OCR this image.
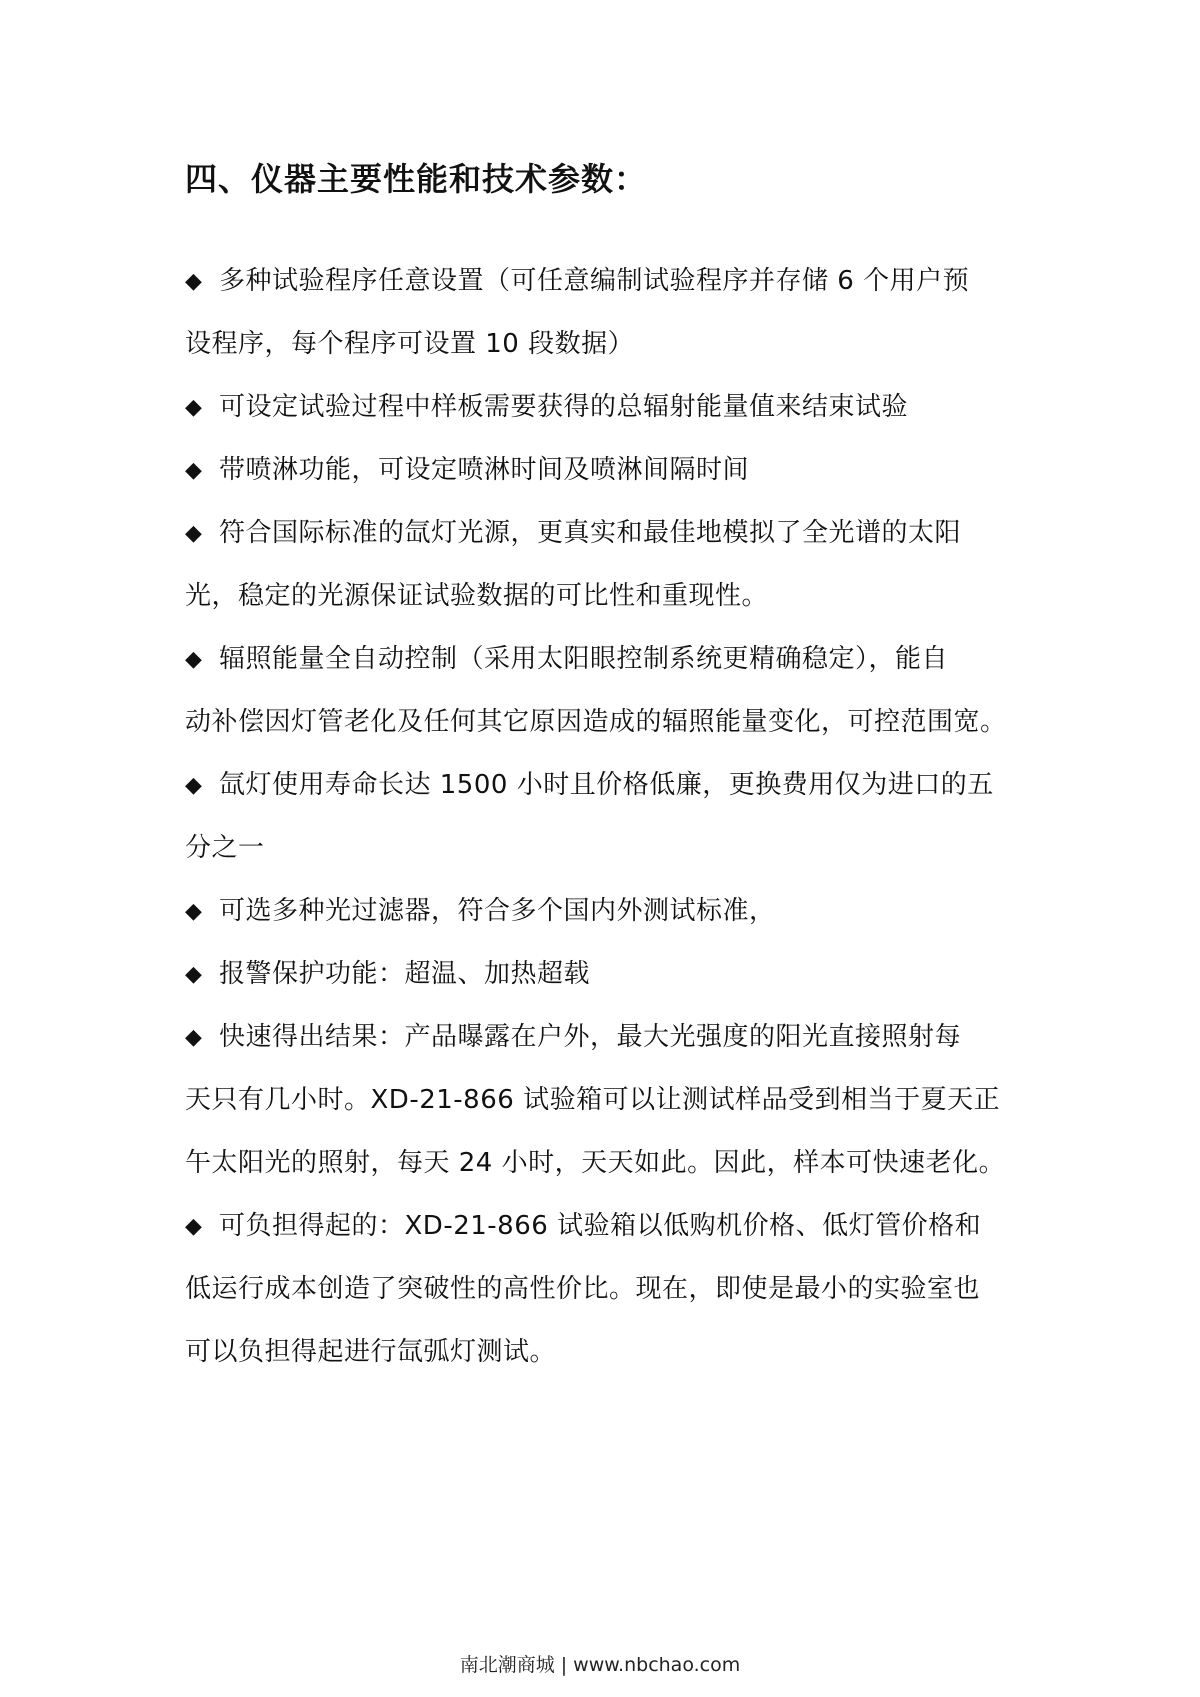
四、仪器主要性能和技术参数：
◆ 多种试验程序任意设置（可任意编制试验程序并存储 6 个用户预
设程序，每个程序可设置 10 段数据）
◆ 可设定试验过程中样板需要获得的总辐射能量值来结束试验
◆ 带喷淋功能，可设定喷淋时间及喷淋间隔时间
◆ 符合国际标准的氙灯光源，更真实和最佳地模拟了全光谱的太阳
光，稳定的光源保证试验数据的可比性和重现性。
◆ 辐照能量全自动控制（采用太阳眼控制系统更精确稳定），能自
动补偿因灯管老化及任何其它原因造成的辐照能量变化，可控范围宽。
◆ 氙灯使用寿命长达 1500 小时且价格低廉，更换费用仅为进口的五
分之一
◆ 可选多种光过滤器，符合多个国内外测试标准，
◆ 报警保护功能：超温、加热超载
◆ 快速得出结果：产品曝露在户外，最大光强度的阳光直接照射每
天只有几小时。XD-21-866 试验箱可以让测试样品受到相当于夏天正
午太阳光的照射，每天 24 小时，天天如此。因此，样本可快速老化。
◆ 可负担得起的：XD-21-866 试验箱以低购机价格、低灯管价格和
低运行成本创造了突破性的高性价比。现在，即使是最小的实验室也
可以负担得起进行氙弧灯测试。
南北潮商城 | www.nbchao.com
